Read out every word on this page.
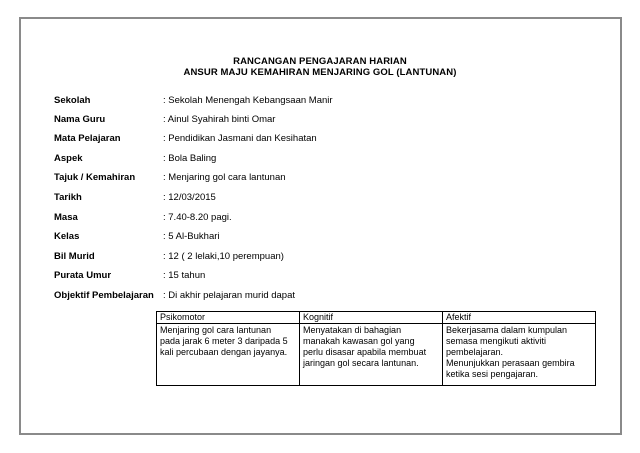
RANCANGAN PENGAJARAN HARIAN
ANSUR MAJU KEMAHIRAN MENJARING GOL (LANTUNAN)
Sekolah	: Sekolah Menengah Kebangsaan Manir
Nama Guru	: Ainul Syahirah binti Omar
Mata Pelajaran	: Pendidikan Jasmani dan Kesihatan
Aspek	: Bola Baling
Tajuk / Kemahiran	: Menjaring gol cara lantunan
Tarikh	: 12/03/2015
Masa	: 7.40-8.20 pagi.
Kelas	: 5 Al-Bukhari
Bil Murid	: 12 ( 2 lelaki,10 perempuan)
Purata Umur	: 15 tahun
Objektif Pembelajaran : Di akhir pelajaran murid dapat
Psikomotor	Kognitif	Afektif

Menjaring gol cara lantunan
pada jarak 6 meter 3 daripada 5
kali percubaan dengan jayanya.	Menyatakan di bahagian
manakah kawasan gol yang
perlu disasar apabila membuat
jaringan gol secara lantunan.	Bekerjasama dalam kumpulan
semasa mengikuti aktiviti
pembelajaran.
Menunjukkan perasaan gembira
ketika sesi pengajaran.
